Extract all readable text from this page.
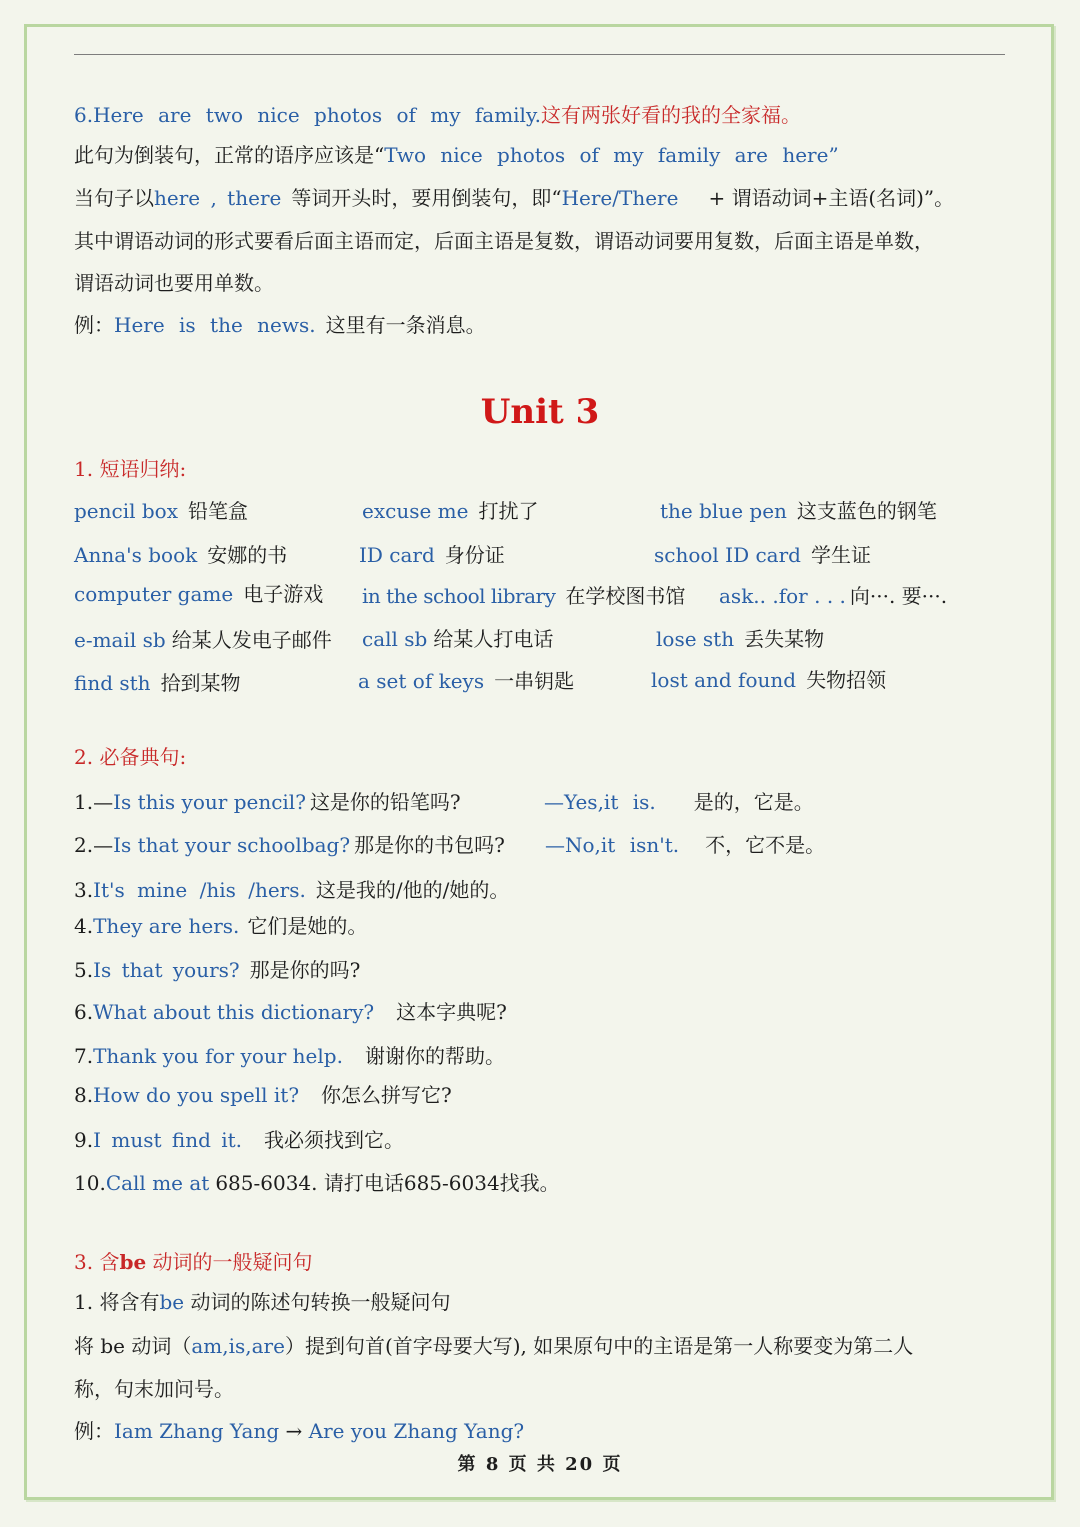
6.Here are two nice photos of my family.这有两张好看的我的全家福。
此句为倒装句，正常的语序应该是“Two nice photos of my family are here”
当句子以here , there 等词开头时，要用倒装句，即“Here/There + 谓语动词+主语(名词)”。
其中谓语动词的形式要看后面主语而定，后面主语是复数，谓语动词要用复数，后面主语是单数，
谓语动词也要用单数。
例：Here is the news. 这里有一条消息。
Unit 3
1. 短语归纳:
pencil box 铅笔盒	excuse me 打扰了	the blue pen 这支蓝色的钢笔
Anna's book 安娜的书	ID card 身份证	school ID card 学生证
computer game 电子游戏 in the school library 在学校图书馆 ask.. .for . . . 向···. 要···.
e-mail sb 给某人发电子邮件 call sb 给某人打电话	lose sth 丢失某物
find sth 拾到某物	a set of keys 一串钥匙	lost and found 失物招领
2. 必备典句:
1.—Is this your pencil? 这是你的铅笔吗?	—Yes,it is. 是的，它是。
2.—Is that your schoolbag? 那是你的书包吗? —No,it isn't. 不，它不是。
3.It's mine /his /hers. 这是我的/他的/她的。
4.They are hers. 它们是她的。
5.Is that yours? 那是你的吗?
6.What about this dictionary? 这本字典呢?
7.Thank you for your help. 谢谢你的帮助。
8.How do you spell it? 你怎么拼写它?
9.I must find it. 我必须找到它。
10.Call me at 685-6034. 请打电话685-6034找我。
3. 含be 动词的一般疑问句
1. 将含有be 动词的陈述句转换一般疑问句
将 be 动词（am,is,are）提到句首(首字母要大写), 如果原句中的主语是第一人称要变为第二人
称，句末加问号。
例：Iam Zhang Yang → Are you Zhang Yang?
第 8 页 共 20 页
